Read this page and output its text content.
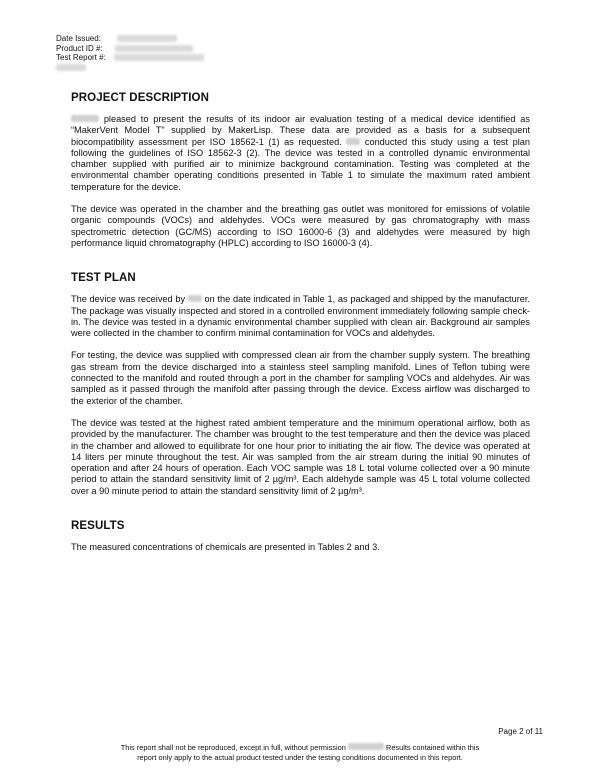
Date Issued:
Product ID #:
Test Report #:
PROJECT DESCRIPTION

pleased to present the results of its indoor air evaluation testing of a medical device identified as “MakerVent Model T” supplied by MakerLisp. These data are provided as a basis for a subsequent biocompatibility assessment per ISO 18562-1 (1) as requested.	conducted this study using a test plan following the guidelines of ISO 18562-3 (2). The device was tested in a controlled dynamic environmental chamber supplied with purified air to minimize background contamination. Testing was completed at the environmental chamber operating conditions presented in Table 1 to simulate the maximum rated ambient temperature for the device.

The device was operated in the chamber and the breathing gas outlet was monitored for emissions of volatile organic compounds (VOCs) and aldehydes. VOCs were measured by gas chromatography with mass spectrometric detection (GC/MS) according to ISO 16000-6 (3) and aldehydes were measured by high performance liquid chromatography (HPLC) according to ISO 16000-3 (4).

TEST PLAN

The device was received by on the date indicated in Table 1, as packaged and shipped by the manufacturer. The package was visually inspected and stored in a controlled environment immediately following sample check-in. The device was tested in a dynamic environmental chamber supplied with clean air. Background air samples were collected in the chamber to confirm minimal contamination for VOCs and aldehydes.

For testing, the device was supplied with compressed clean air from the chamber supply system. The breathing gas stream from the device discharged into a stainless steel sampling manifold. Lines of Teflon tubing were connected to the manifold and routed through a port in the chamber for sampling VOCs and aldehydes. Air was sampled as it passed through the manifold after passing through the device. Excess airflow was discharged to the exterior of the chamber.

The device was tested at the highest rated ambient temperature and the minimum operational airflow, both as provided by the manufacturer. The chamber was brought to the test temperature and then the device was placed in the chamber and allowed to equilibrate for one hour prior to initiating the air flow. The device was operated at 14 liters per minute throughout the test. Air was sampled from the air stream during the initial 90 minutes of operation and after 24 hours of operation. Each VOC sample was 18 L total volume collected over a 90 minute period to attain the standard sensitivity limit of 2 µg/m³. Each aldehyde sample was 45 L total volume collected over a 90 minute period to attain the standard sensitivity limit of 2 µg/m³.

RESULTS

The measured concentrations of chemicals are presented in Tables 2 and 3.

Page 2 of 11
This report shall not be reproduced, except in full, without permission	Results contained within this
report only apply to the actual product tested under the testing conditions documented in this report.
